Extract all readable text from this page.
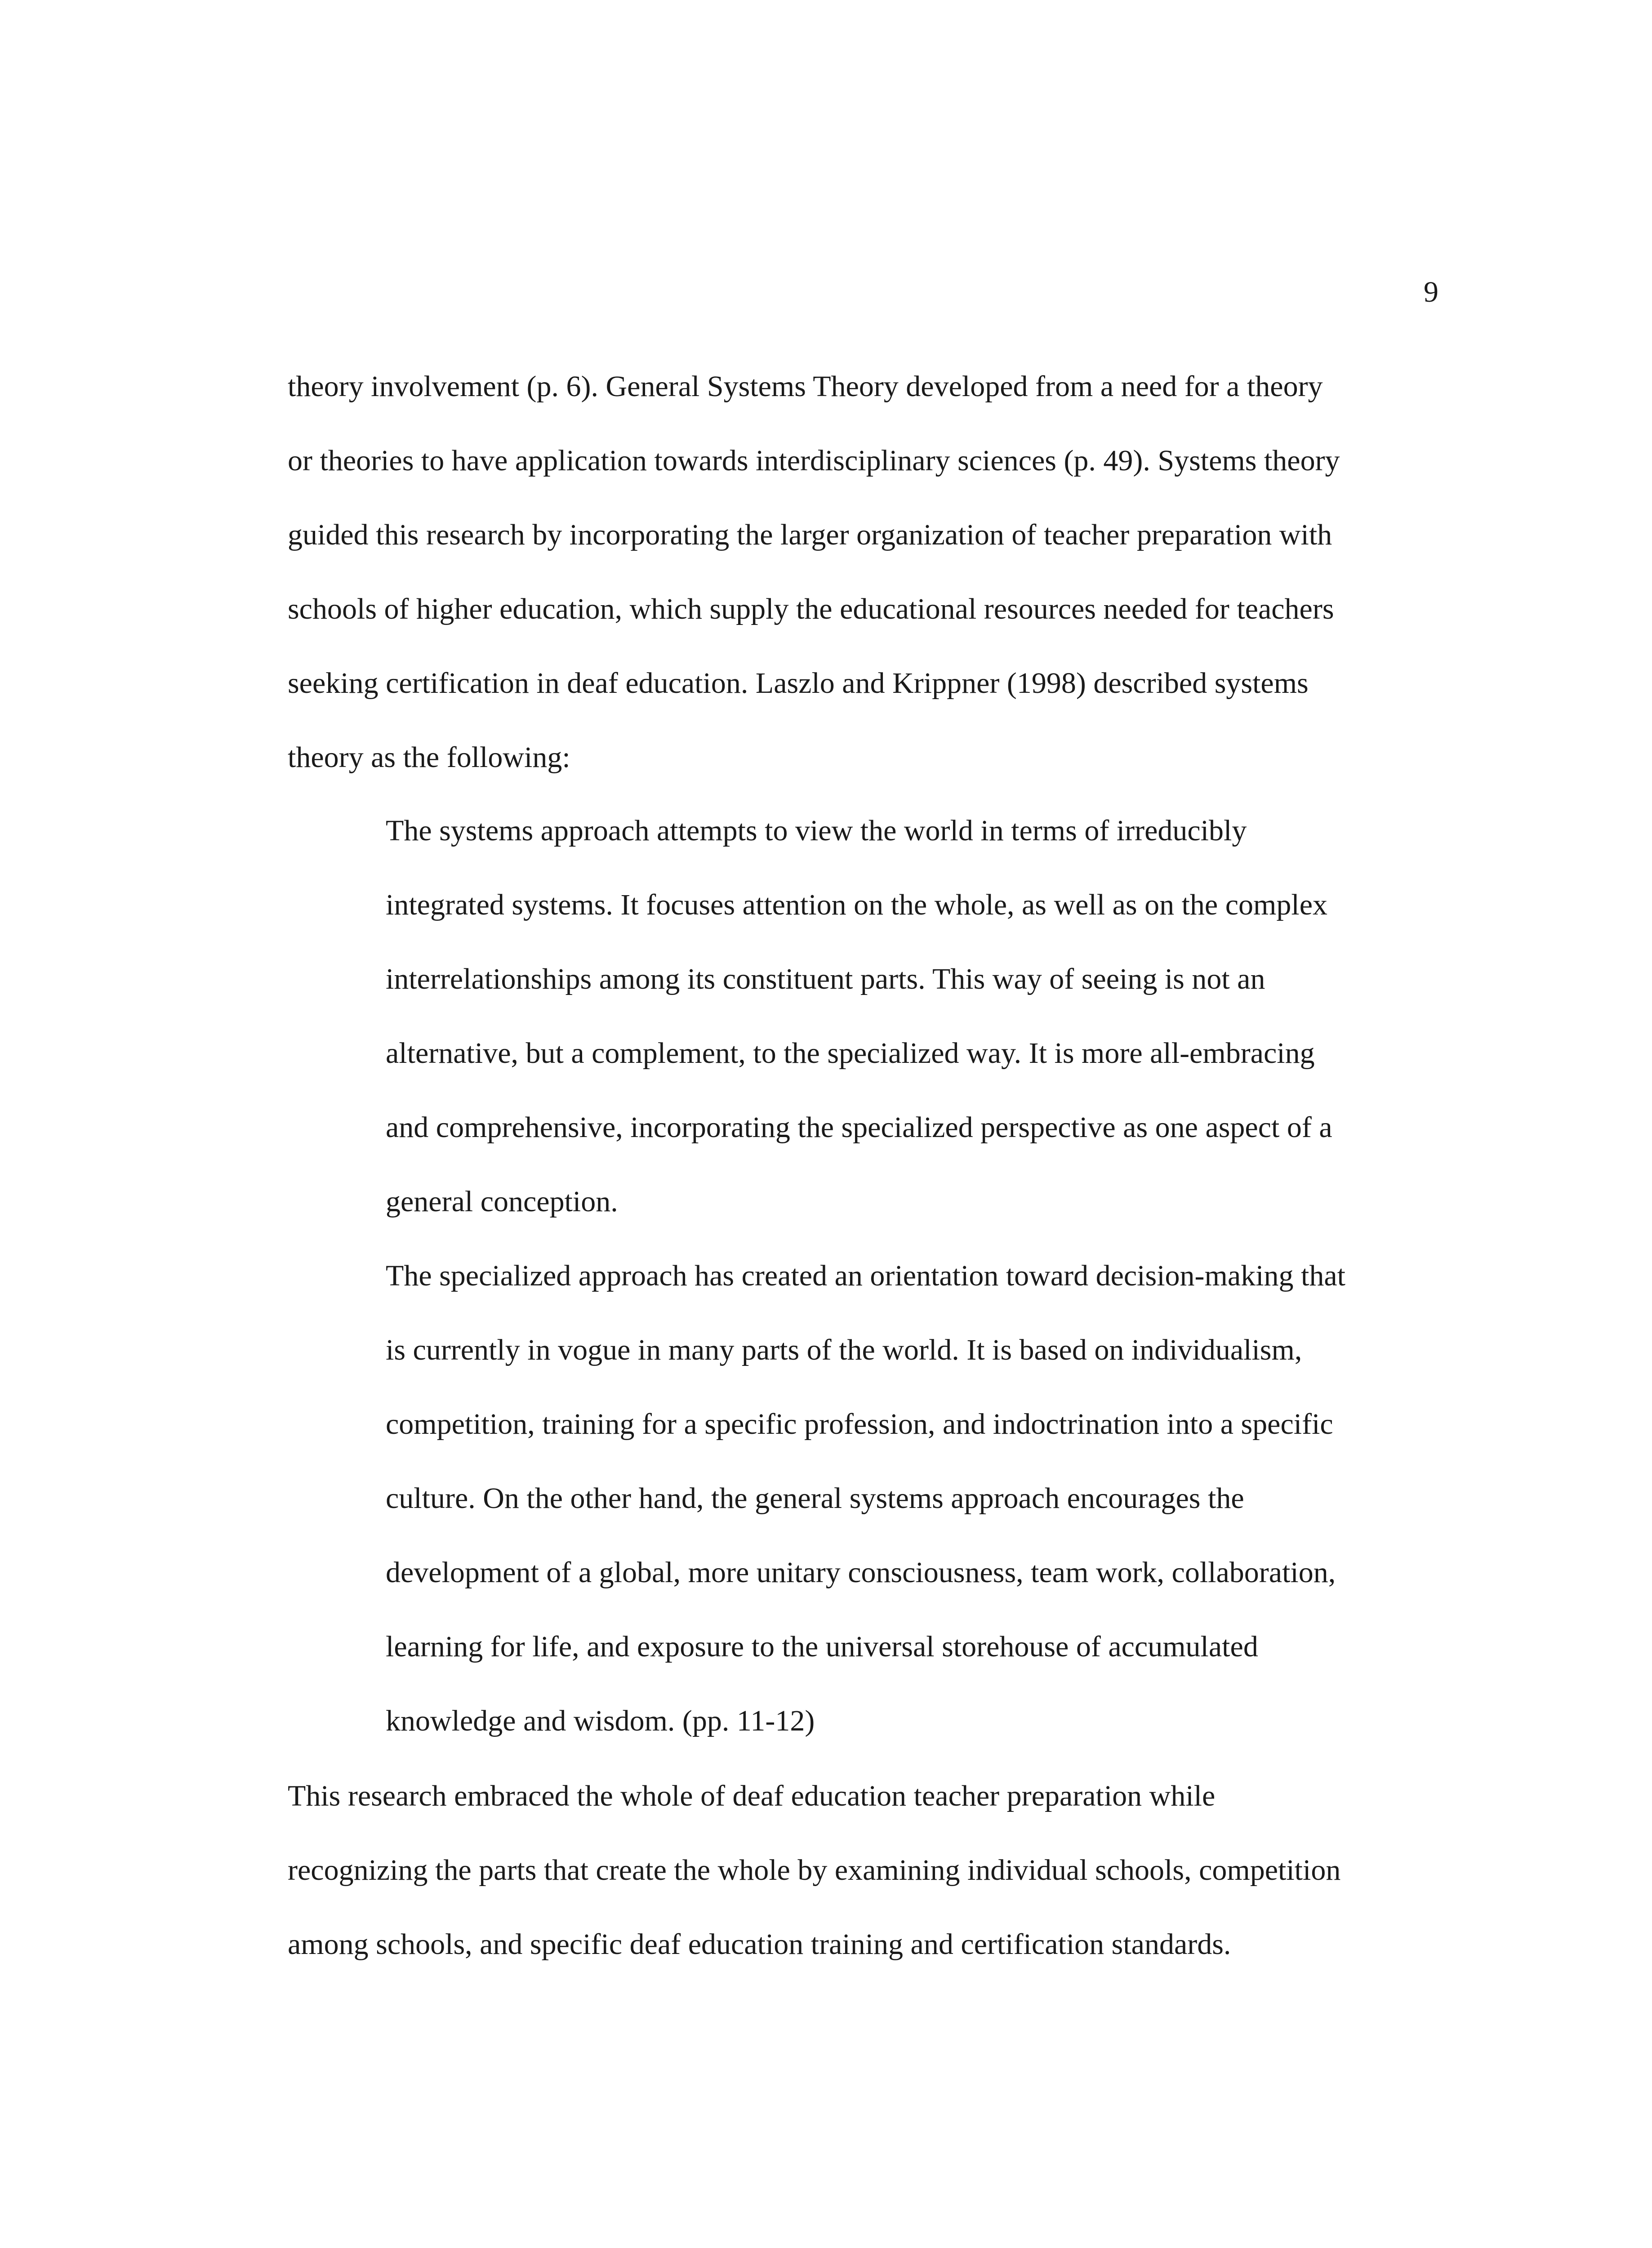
9
theory involvement (p. 6). General Systems Theory developed from a need for a theory
or theories to have application towards interdisciplinary sciences (p. 49). Systems theory
guided this research by incorporating the larger organization of teacher preparation with
schools of higher education, which supply the educational resources needed for teachers
seeking certification in deaf education. Laszlo and Krippner (1998) described systems
theory as the following:
The systems approach attempts to view the world in terms of irreducibly
integrated systems. It focuses attention on the whole, as well as on the complex
interrelationships among its constituent parts. This way of seeing is not an
alternative, but a complement, to the specialized way. It is more all-embracing
and comprehensive, incorporating the specialized perspective as one aspect of a
general conception.
The specialized approach has created an orientation toward decision-making that
is currently in vogue in many parts of the world. It is based on individualism,
competition, training for a specific profession, and indoctrination into a specific
culture. On the other hand, the general systems approach encourages the
development of a global, more unitary consciousness, team work, collaboration,
learning for life, and exposure to the universal storehouse of accumulated
knowledge and wisdom. (pp. 11-12)
This research embraced the whole of deaf education teacher preparation while
recognizing the parts that create the whole by examining individual schools, competition
among schools, and specific deaf education training and certification standards.
